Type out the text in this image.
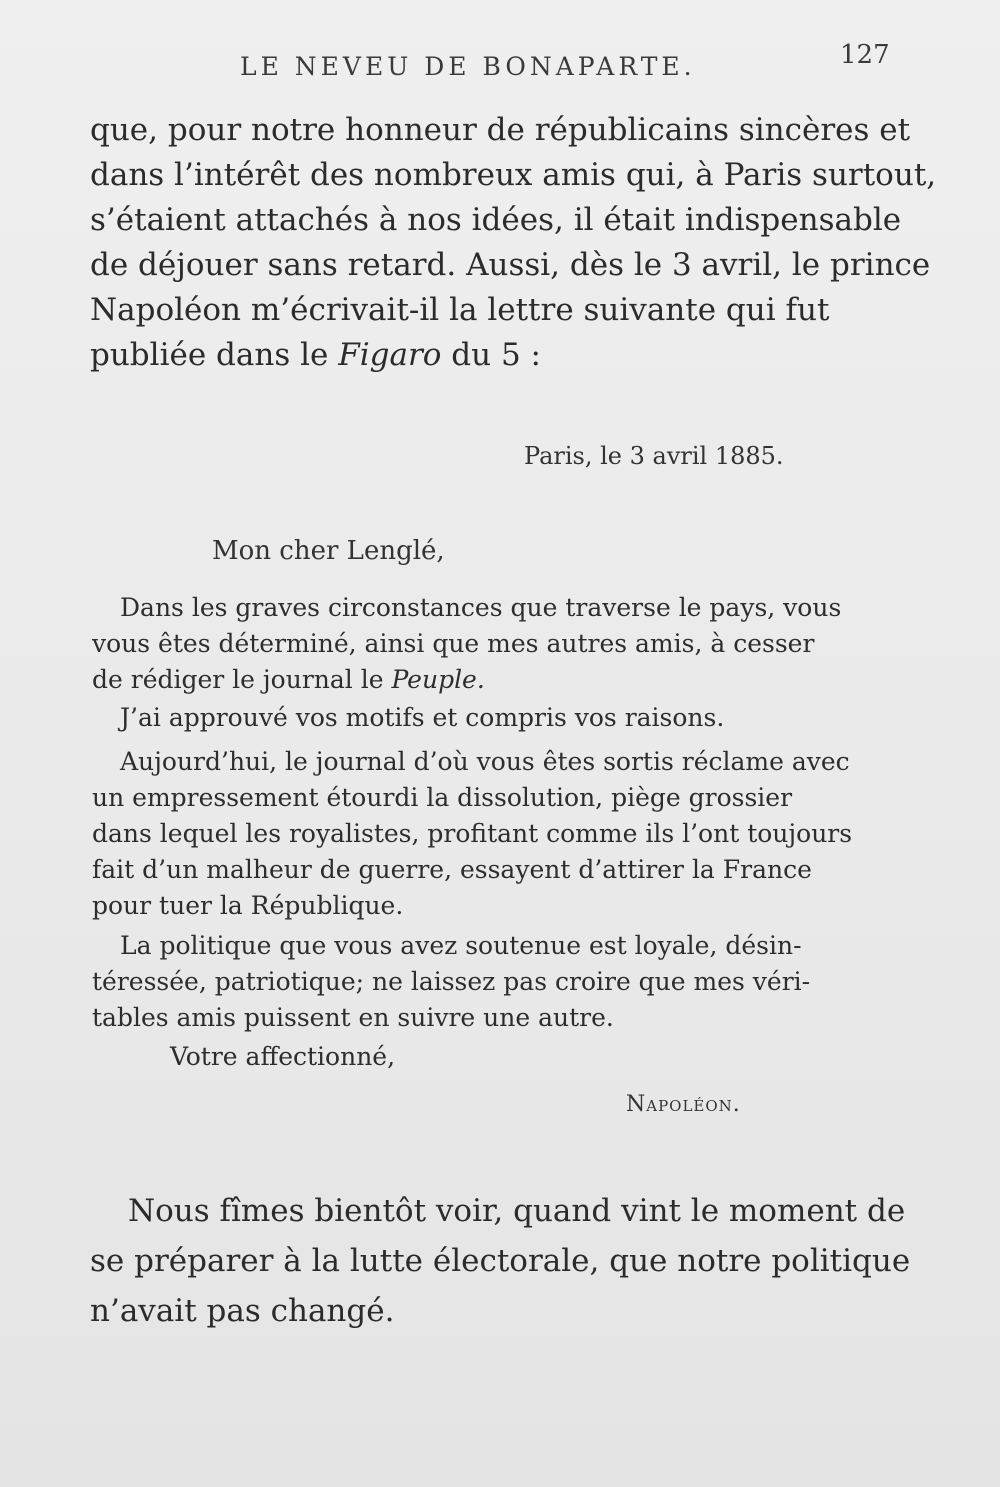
LE NEVEU DE BONAPARTE.	127
que, pour notre honneur de républicains sincères et
dans l’intérêt des nombreux amis qui, à Paris surtout,
s’étaient attachés à nos idées, il était indispensable
de déjouer sans retard. Aussi, dès le 3 avril, le prince
Napoléon m’écrivait-il la lettre suivante qui fut
publiée dans le Figaro du 5 :
Paris, le 3 avril 1885.
Mon cher Lenglé,
Dans les graves circonstances que traverse le pays, vous
vous êtes déterminé, ainsi que mes autres amis, à cesser
de rédiger le journal le Peuple.
J’ai approuvé vos motifs et compris vos raisons.
Aujourd’hui, le journal d’où vous êtes sortis réclame avec
un empressement étourdi la dissolution, piège grossier
dans lequel les royalistes, profitant comme ils l’ont toujours
fait d’un malheur de guerre, essayent d’attirer la France
pour tuer la République.
La politique que vous avez soutenue est loyale, désin-
téressée, patriotique; ne laissez pas croire que mes véri-
tables amis puissent en suivre une autre.
Votre affectionné,
Napoléon.
Nous fîmes bientôt voir, quand vint le moment de
se préparer à la lutte électorale, que notre politique
n’avait pas changé.
